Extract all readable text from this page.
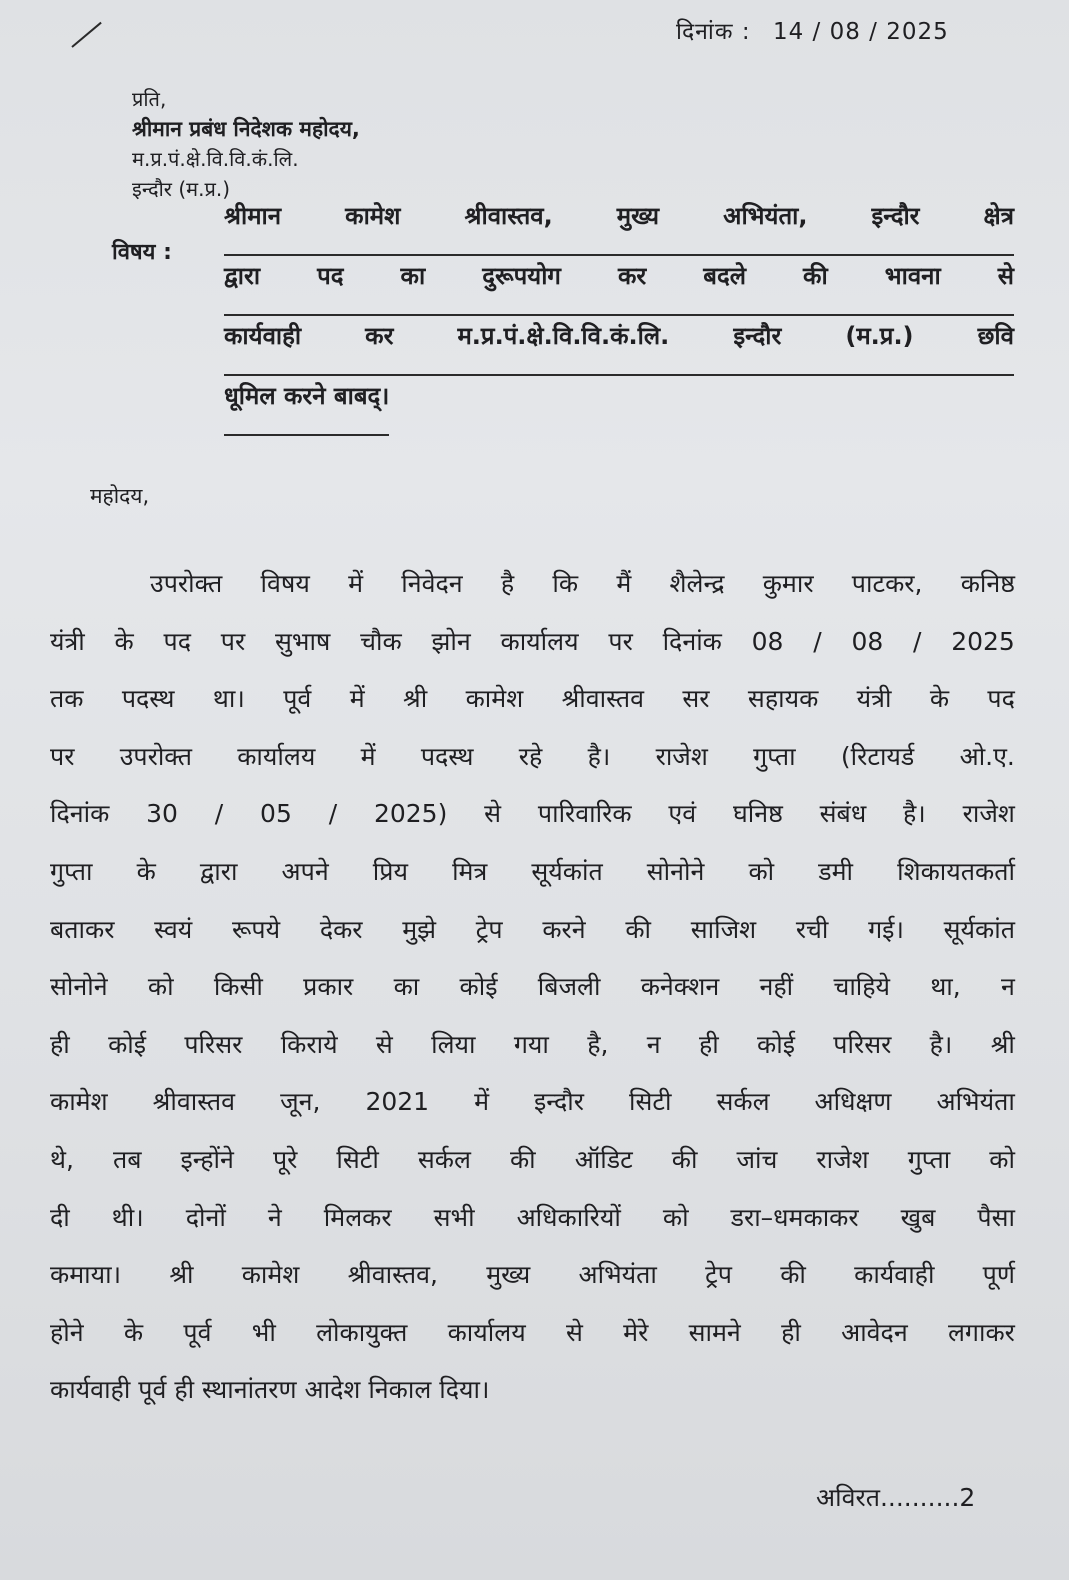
दिनांक : 14 / 08 / 2025
प्रति,
श्रीमान प्रबंध निदेशक महोदय,
म.प्र.पं.क्षे.वि.वि.कं.लि.
इन्दौर (म.प्र.)
विषय :
श्रीमान	कामेश	श्रीवास्तव,	मुख्य	अभियंता,	इन्दौर	क्षेत्र
द्वारा पद का दुरूपयोग कर बदले की भावना से
कार्यवाही	कर	म.प्र.पं.क्षे.वि.वि.कं.लि.	इन्दौर	(म.प्र.)	छवि
धूमिल करने बाबद्।
महोदय,
उपरोक्त विषय में निवेदन है कि मैं शैलेन्द्र कुमार पाटकर, कनिष्ठ
यंत्री के पद पर सुभाष चौक झोन कार्यालय पर दिनांक 08 / 08 / 2025
तक पदस्थ था। पूर्व में श्री कामेश श्रीवास्तव सर सहायक यंत्री के पद
पर उपरोक्त कार्यालय में पदस्थ रहे है। राजेश गुप्ता (रिटायर्ड ओ.ए.
दिनांक 30 / 05 / 2025) से पारिवारिक एवं घनिष्ठ संबंध है। राजेश
गुप्ता के द्वारा अपने प्रिय मित्र सूर्यकांत सोनोने को डमी शिकायतकर्ता
बताकर स्वयं रूपये देकर मुझे ट्रेप करने की साजिश रची गई। सूर्यकांत
सोनोने को किसी प्रकार का कोई बिजली कनेक्शन नहीं चाहिये था, न
ही कोई परिसर किराये से लिया गया है, न ही कोई परिसर है। श्री
कामेश श्रीवास्तव जून, 2021 में इन्दौर सिटी सर्कल अधिक्षण अभियंता
थे, तब इन्होंने पूरे सिटी सर्कल की ऑडिट की जांच राजेश गुप्ता को
दी थी। दोनों ने मिलकर सभी अधिकारियों को डरा–धमकाकर खुब पैसा
कमाया। श्री कामेश श्रीवास्तव, मुख्य अभियंता ट्रेप की कार्यवाही पूर्ण
होने के पूर्व भी लोकायुक्त कार्यालय से मेरे सामने ही आवेदन लगाकर
कार्यवाही पूर्व ही स्थानांतरण आदेश निकाल दिया।
अविरत..........2
